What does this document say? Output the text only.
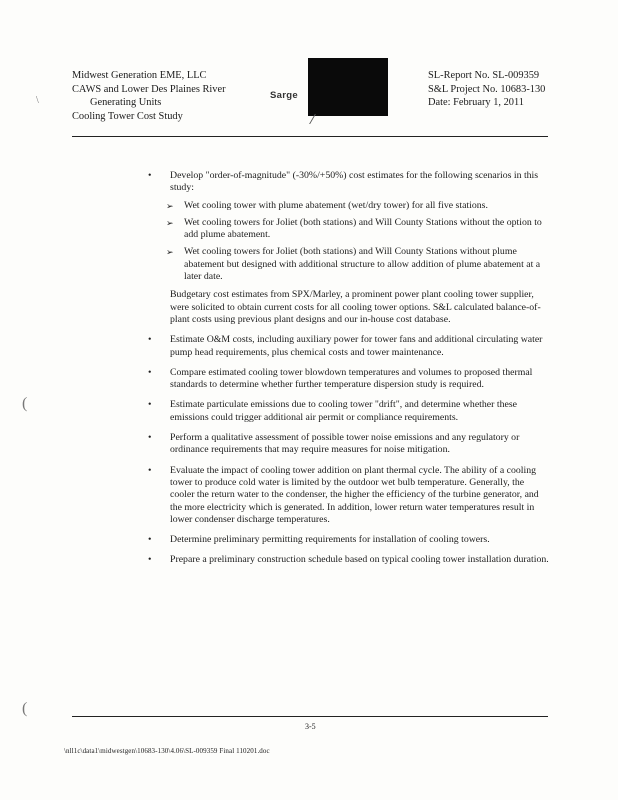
Midwest Generation EME, LLC
CAWS and Lower Des Plaines River
Generating Units
Cooling Tower Cost Study
Sarge
SL-Report No. SL-009359
S&L Project No. 10683-130
Date: February 1, 2011
\
(
(
•	Develop "order-of-magnitude" (-30%/+50%) cost estimates for the following scenarios in this study:
➢ Wet cooling tower with plume abatement (wet/dry tower) for all five stations.
➢ Wet cooling towers for Joliet (both stations) and Will County Stations without the option to add plume abatement.
➢ Wet cooling towers for Joliet (both stations) and Will County Stations without plume abatement but designed with additional structure to allow addition of plume abatement at a later date.
Budgetary cost estimates from SPX/Marley, a prominent power plant cooling tower supplier, were solicited to obtain current costs for all cooling tower options. S&L calculated balance-of-plant costs using previous plant designs and our in-house cost database.
•	Estimate O&M costs, including auxiliary power for tower fans and additional circulating water pump head requirements, plus chemical costs and tower maintenance.
•	Compare estimated cooling tower blowdown temperatures and volumes to proposed thermal standards to determine whether further temperature dispersion study is required.
•	Estimate particulate emissions due to cooling tower "drift", and determine whether these emissions could trigger additional air permit or compliance requirements.
•	Perform a qualitative assessment of possible tower noise emissions and any regulatory or ordinance requirements that may require measures for noise mitigation.
•	Evaluate the impact of cooling tower addition on plant thermal cycle. The ability of a cooling tower to produce cold water is limited by the outdoor wet bulb temperature. Generally, the cooler the return water to the condenser, the higher the efficiency of the turbine generator, and the more electricity which is generated. In addition, lower return water temperatures result in lower condenser discharge temperatures.
•	Determine preliminary permitting requirements for installation of cooling towers.
•	Prepare a preliminary construction schedule based on typical cooling tower installation duration.
3-5
\nll1c\data1\midwestgen\10683-130\4.06\SL-009359 Final 110201.doc
